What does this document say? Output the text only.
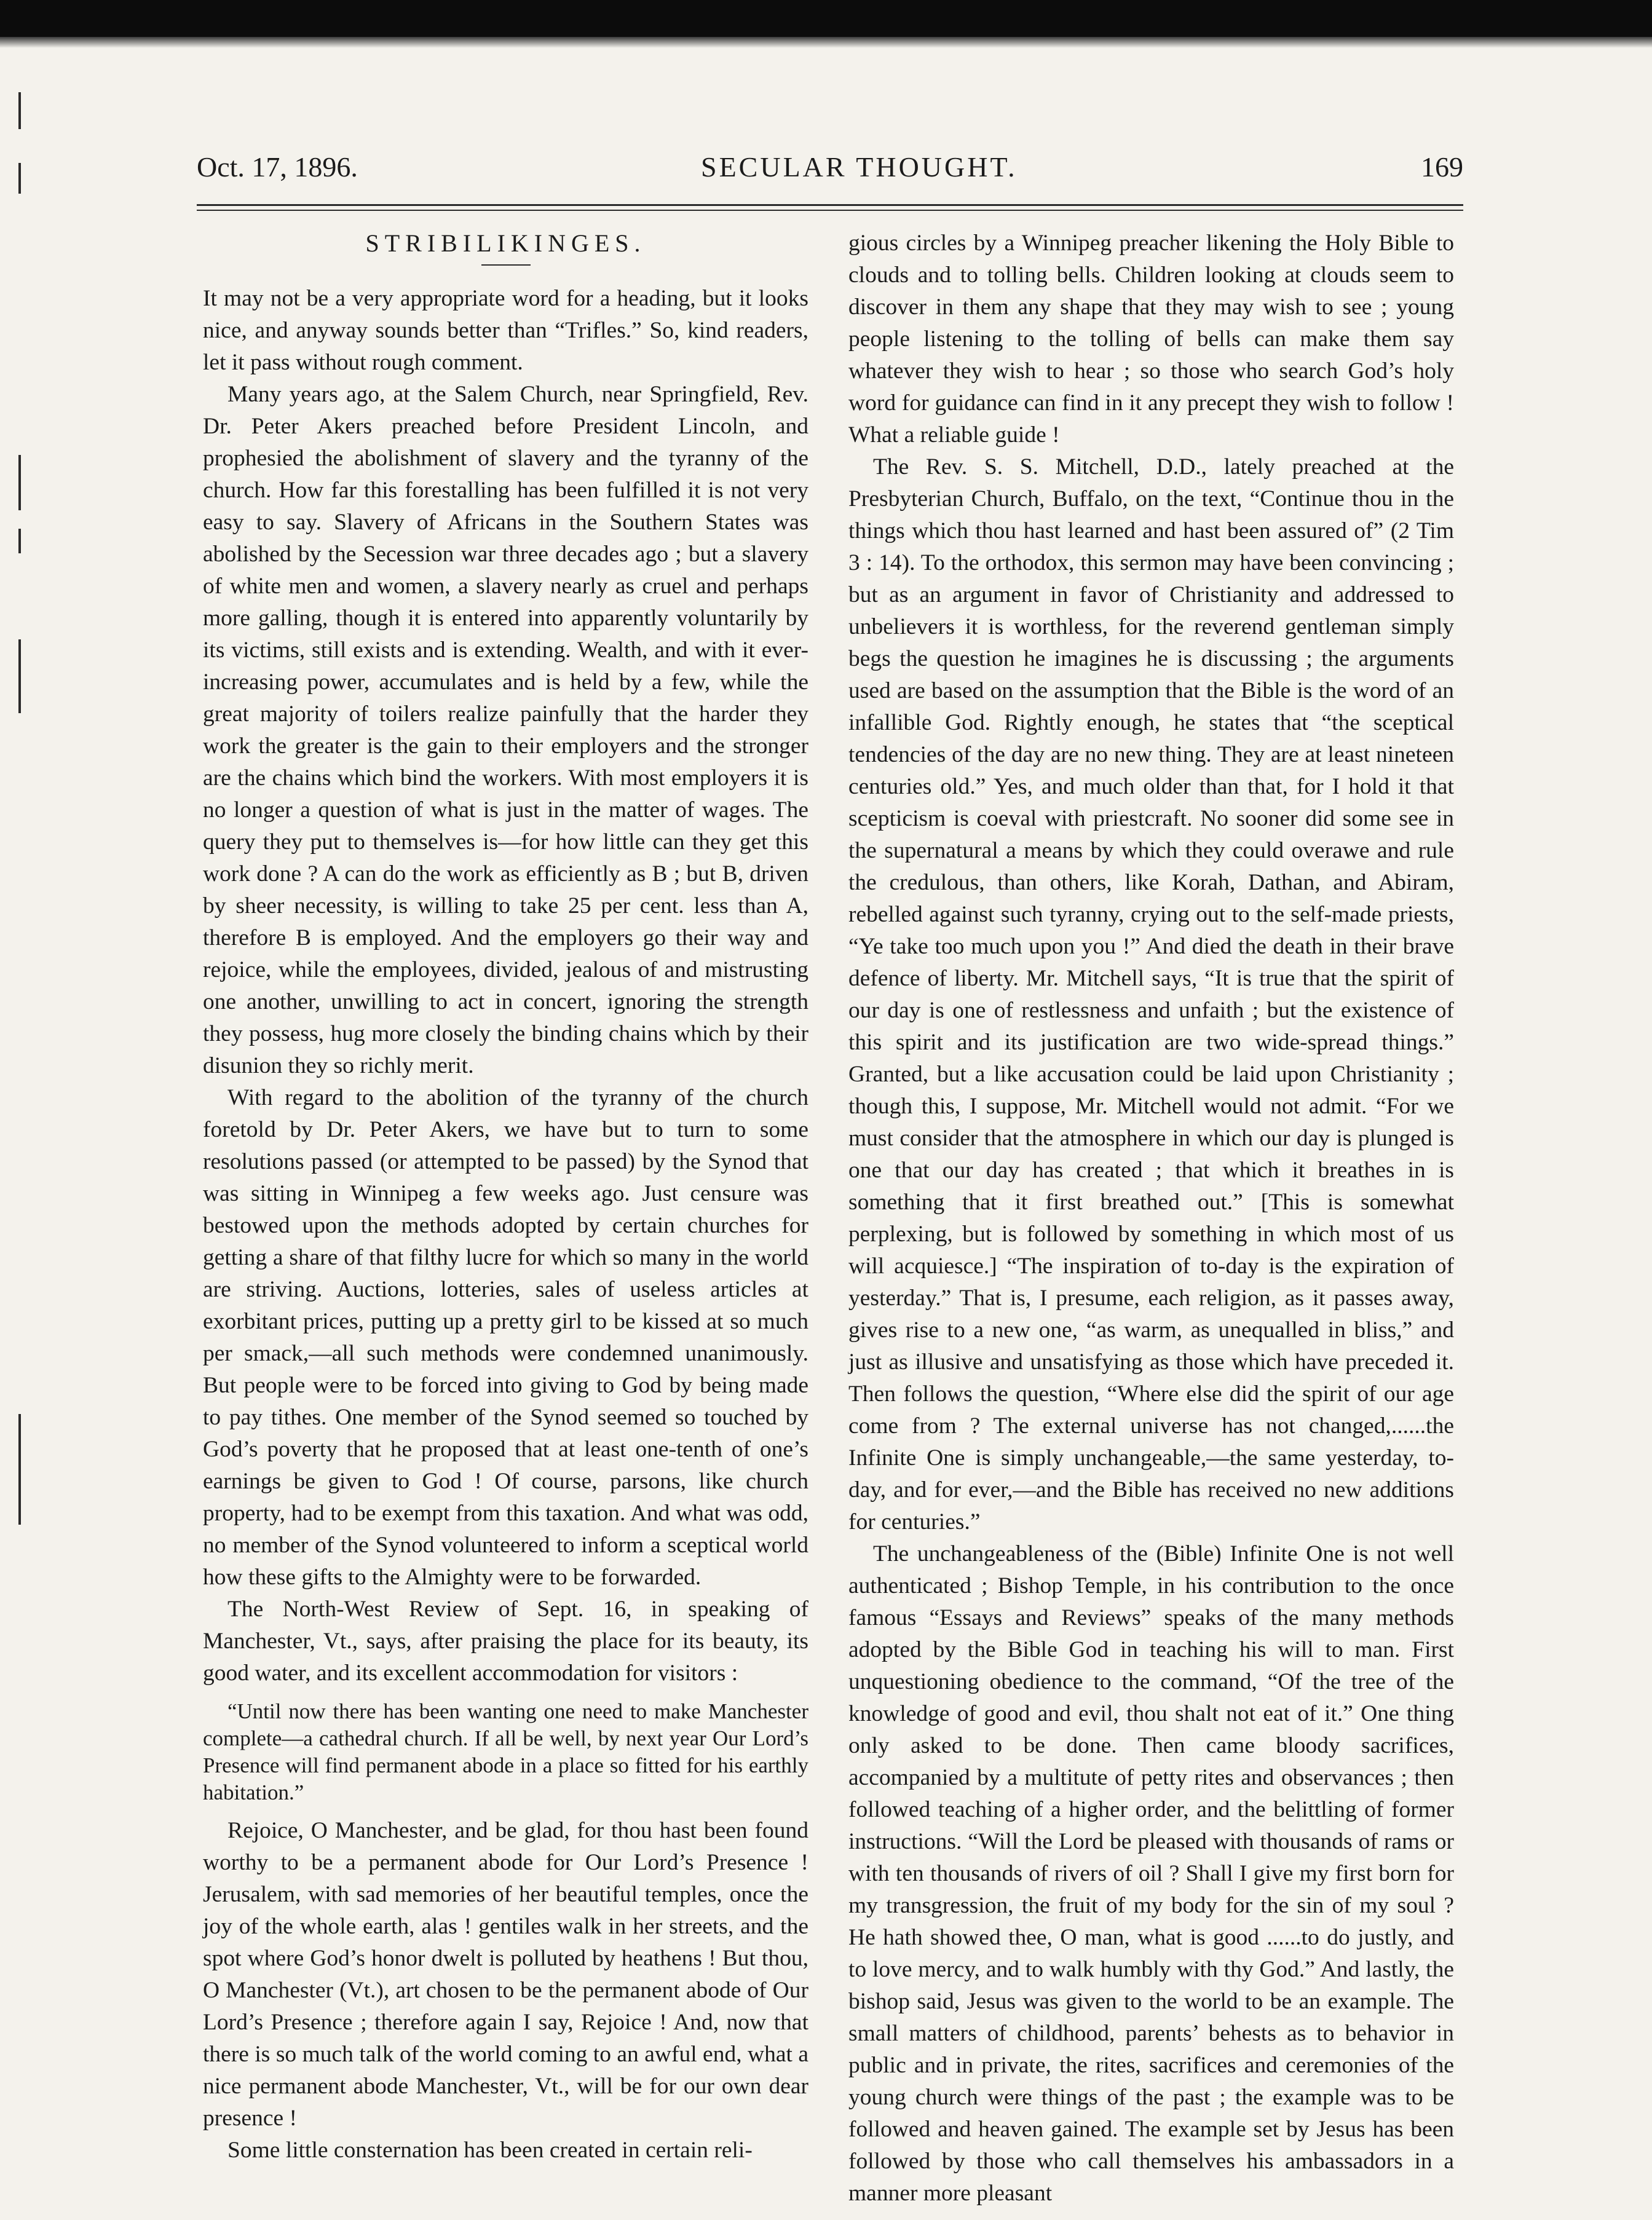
Oct. 17, 1896.	SECULAR THOUGHT.	169
STRIBILIKINGES.

It may not be a very appropriate word for a heading, but it looks nice, and anyway sounds better than “Trifles.” So, kind readers, let it pass without rough comment.

Many years ago, at the Salem Church, near Springfield, Rev. Dr. Peter Akers preached before President Lincoln, and prophesied the abolishment of slavery and the tyranny of the church. How far this forestalling has been fulfilled it is not very easy to say. Slavery of Africans in the Southern States was abolished by the Secession war three decades ago ; but a slavery of white men and women, a slavery nearly as cruel and perhaps more galling, though it is entered into apparently voluntarily by its victims, still exists and is extending. Wealth, and with it ever-increasing power, accumulates and is held by a few, while the great majority of toilers realize painfully that the harder they work the greater is the gain to their employers and the stronger are the chains which bind the workers. With most employers it is no longer a question of what is just in the matter of wages. The query they put to themselves is—for how little can they get this work done ? A can do the work as efficiently as B ; but B, driven by sheer necessity, is willing to take 25 per cent. less than A, therefore B is employed. And the employers go their way and rejoice, while the employees, divided, jealous of and mistrusting one another, unwilling to act in concert, ignoring the strength they possess, hug more closely the binding chains which by their disunion they so richly merit.

With regard to the abolition of the tyranny of the church foretold by Dr. Peter Akers, we have but to turn to some resolutions passed (or attempted to be passed) by the Synod that was sitting in Winnipeg a few weeks ago. Just censure was bestowed upon the methods adopted by certain churches for getting a share of that filthy lucre for which so many in the world are striving. Auctions, lotteries, sales of useless articles at exorbitant prices, putting up a pretty girl to be kissed at so much per smack,—all such methods were condemned unanimously. But people were to be forced into giving to God by being made to pay tithes. One member of the Synod seemed so touched by God’s poverty that he proposed that at least one-tenth of one’s earnings be given to God ! Of course, parsons, like church property, had to be exempt from this taxation. And what was odd, no member of the Synod volunteered to inform a sceptical world how these gifts to the Almighty were to be forwarded.

The North-West Review of Sept. 16, in speaking of Manchester, Vt., says, after praising the place for its beauty, its good water, and its excellent accommodation for visitors :

“Until now there has been wanting one need to make Manchester complete—a cathedral church. If all be well, by next year Our Lord’s Presence will find permanent abode in a place so fitted for his earthly habitation.”

Rejoice, O Manchester, and be glad, for thou hast been found worthy to be a permanent abode for Our Lord’s Presence ! Jerusalem, with sad memories of her beautiful temples, once the joy of the whole earth, alas ! gentiles walk in her streets, and the spot where God’s honor dwelt is polluted by heathens ! But thou, O Manchester (Vt.), art chosen to be the permanent abode of Our Lord’s Presence ; therefore again I say, Rejoice ! And, now that there is so much talk of the world coming to an awful end, what a nice permanent abode Manchester, Vt., will be for our own dear presence !

Some little consternation has been created in certain reli-

gious circles by a Winnipeg preacher likening the Holy Bible to clouds and to tolling bells. Children looking at clouds seem to discover in them any shape that they may wish to see ; young people listening to the tolling of bells can make them say whatever they wish to hear ; so those who search God’s holy word for guidance can find in it any precept they wish to follow ! What a reliable guide !

The Rev. S. S. Mitchell, D.D., lately preached at the Presbyterian Church, Buffalo, on the text, “Continue thou in the things which thou hast learned and hast been assured of” (2 Tim 3 : 14). To the orthodox, this sermon may have been convincing ; but as an argument in favor of Christianity and addressed to unbelievers it is worthless, for the reverend gentleman simply begs the question he imagines he is discussing ; the arguments used are based on the assumption that the Bible is the word of an infallible God. Rightly enough, he states that “the sceptical tendencies of the day are no new thing. They are at least nineteen centuries old.” Yes, and much older than that, for I hold it that scepticism is coeval with priestcraft. No sooner did some see in the supernatural a means by which they could overawe and rule the credulous, than others, like Korah, Dathan, and Abiram, rebelled against such tyranny, crying out to the self-made priests, “Ye take too much upon you !” And died the death in their brave defence of liberty. Mr. Mitchell says, “It is true that the spirit of our day is one of restlessness and unfaith ; but the existence of this spirit and its justification are two wide-spread things.” Granted, but a like accusation could be laid upon Christianity ; though this, I suppose, Mr. Mitchell would not admit. “For we must consider that the atmosphere in which our day is plunged is one that our day has created ; that which it breathes in is something that it first breathed out.” [This is somewhat perplexing, but is followed by something in which most of us will acquiesce.] “The inspiration of to-day is the expiration of yesterday.” That is, I presume, each religion, as it passes away, gives rise to a new one, “as warm, as unequalled in bliss,” and just as illusive and unsatisfying as those which have preceded it. Then follows the question, “Where else did the spirit of our age come from ? The external universe has not changed,......the Infinite One is simply unchangeable,—the same yesterday, to-day, and for ever,—and the Bible has received no new additions for centuries.”

The unchangeableness of the (Bible) Infinite One is not well authenticated ; Bishop Temple, in his contribution to the once famous “Essays and Reviews” speaks of the many methods adopted by the Bible God in teaching his will to man. First unquestioning obedience to the command, “Of the tree of the knowledge of good and evil, thou shalt not eat of it.” One thing only asked to be done. Then came bloody sacrifices, accompanied by a multitute of petty rites and observances ; then followed teaching of a higher order, and the belittling of former instructions. “Will the Lord be pleased with thousands of rams or with ten thousands of rivers of oil ? Shall I give my first born for my transgression, the fruit of my body for the sin of my soul ? He hath showed thee, O man, what is good ......to do justly, and to love mercy, and to walk humbly with thy God.” And lastly, the bishop said, Jesus was given to the world to be an example. The small matters of childhood, parents’ behests as to behavior in public and in private, the rites, sacrifices and ceremonies of the young church were things of the past ; the example was to be followed and heaven gained. The example set by Jesus has been followed by those who call themselves his ambassadors in a manner more pleasant
